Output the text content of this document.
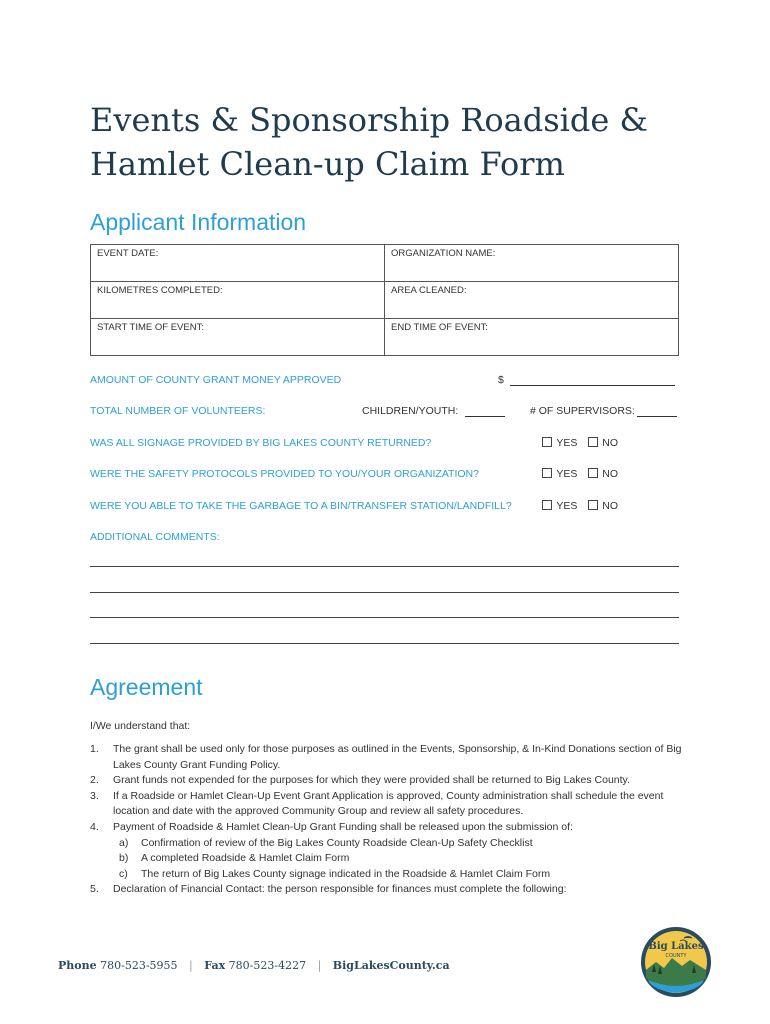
Events & Sponsorship Roadside &
Hamlet Clean-up Claim Form
Applicant Information
EVENT DATE:	ORGANIZATION NAME:
KILOMETRES COMPLETED:	AREA CLEANED:
START TIME OF EVENT:	END TIME OF EVENT:
AMOUNT OF COUNTY GRANT MONEY APPROVED	$
TOTAL NUMBER OF VOLUNTEERS:	CHILDREN/YOUTH:	# OF SUPERVISORS:
WAS ALL SIGNAGE PROVIDED BY BIG LAKES COUNTY RETURNED?	YES NO
WERE THE SAFETY PROTOCOLS PROVIDED TO YOU/YOUR ORGANIZATION?	YES NO
WERE YOU ABLE TO TAKE THE GARBAGE TO A BIN/TRANSFER STATION/LANDFILL?	YES NO
ADDITIONAL COMMENTS:
Agreement
I/We understand that:
1. The grant shall be used only for those purposes as outlined in the Events, Sponsorship, & In-Kind Donations section of Big Lakes County Grant Funding Policy.
2. Grant funds not expended for the purposes for which they were provided shall be returned to Big Lakes County.
3. If a Roadside or Hamlet Clean-Up Event Grant Application is approved, County administration shall schedule the event location and date with the approved Community Group and review all safety procedures.
4. Payment of Roadside & Hamlet Clean-Up Grant Funding shall be released upon the submission of:
a) Confirmation of review of the Big Lakes County Roadside Clean-Up Safety Checklist
b) A completed Roadside & Hamlet Claim Form
c) The return of Big Lakes County signage indicated in the Roadside & Hamlet Claim Form
5. Declaration of Financial Contact: the person responsible for finances must complete the following:
Phone 780-523-5955 | Fax 780-523-4227 | BigLakesCounty.ca
Big Lakes
COUNTY
